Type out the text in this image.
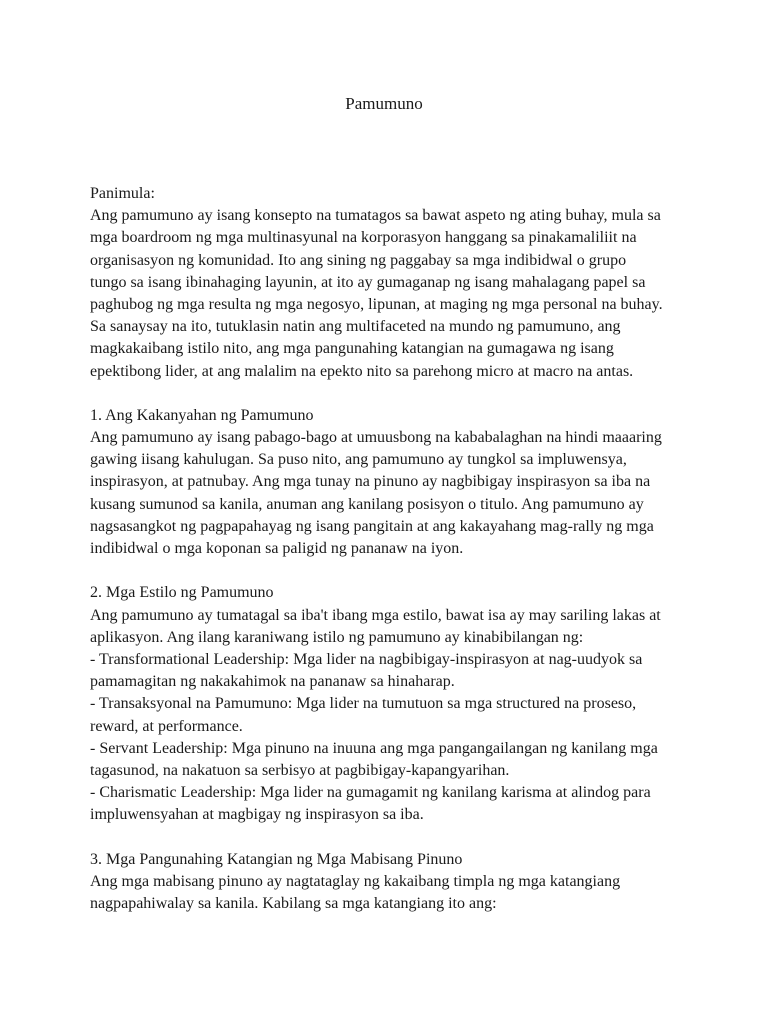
Pamumuno
Panimula:
Ang pamumuno ay isang konsepto na tumatagos sa bawat aspeto ng ating buhay, mula sa
mga boardroom ng mga multinasyunal na korporasyon hanggang sa pinakamaliliit na
organisasyon ng komunidad. Ito ang sining ng paggabay sa mga indibidwal o grupo
tungo sa isang ibinahaging layunin, at ito ay gumaganap ng isang mahalagang papel sa
paghubog ng mga resulta ng mga negosyo, lipunan, at maging ng mga personal na buhay.
Sa sanaysay na ito, tutuklasin natin ang multifaceted na mundo ng pamumuno, ang
magkakaibang istilo nito, ang mga pangunahing katangian na gumagawa ng isang
epektibong lider, at ang malalim na epekto nito sa parehong micro at macro na antas.
1. Ang Kakanyahan ng Pamumuno
Ang pamumuno ay isang pabago-bago at umuusbong na kababalaghan na hindi maaaring
gawing iisang kahulugan. Sa puso nito, ang pamumuno ay tungkol sa impluwensya,
inspirasyon, at patnubay. Ang mga tunay na pinuno ay nagbibigay inspirasyon sa iba na
kusang sumunod sa kanila, anuman ang kanilang posisyon o titulo. Ang pamumuno ay
nagsasangkot ng pagpapahayag ng isang pangitain at ang kakayahang mag-rally ng mga
indibidwal o mga koponan sa paligid ng pananaw na iyon.
2. Mga Estilo ng Pamumuno
Ang pamumuno ay tumatagal sa iba't ibang mga estilo, bawat isa ay may sariling lakas at
aplikasyon. Ang ilang karaniwang istilo ng pamumuno ay kinabibilangan ng:
- Transformational Leadership: Mga lider na nagbibigay-inspirasyon at nag-uudyok sa
pamamagitan ng nakakahimok na pananaw sa hinaharap.
- Transaksyonal na Pamumuno: Mga lider na tumutuon sa mga structured na proseso,
reward, at performance.
- Servant Leadership: Mga pinuno na inuuna ang mga pangangailangan ng kanilang mga
tagasunod, na nakatuon sa serbisyo at pagbibigay-kapangyarihan.
- Charismatic Leadership: Mga lider na gumagamit ng kanilang karisma at alindog para
impluwensyahan at magbigay ng inspirasyon sa iba.
3. Mga Pangunahing Katangian ng Mga Mabisang Pinuno
Ang mga mabisang pinuno ay nagtataglay ng kakaibang timpla ng mga katangiang
nagpapahiwalay sa kanila. Kabilang sa mga katangiang ito ang:
